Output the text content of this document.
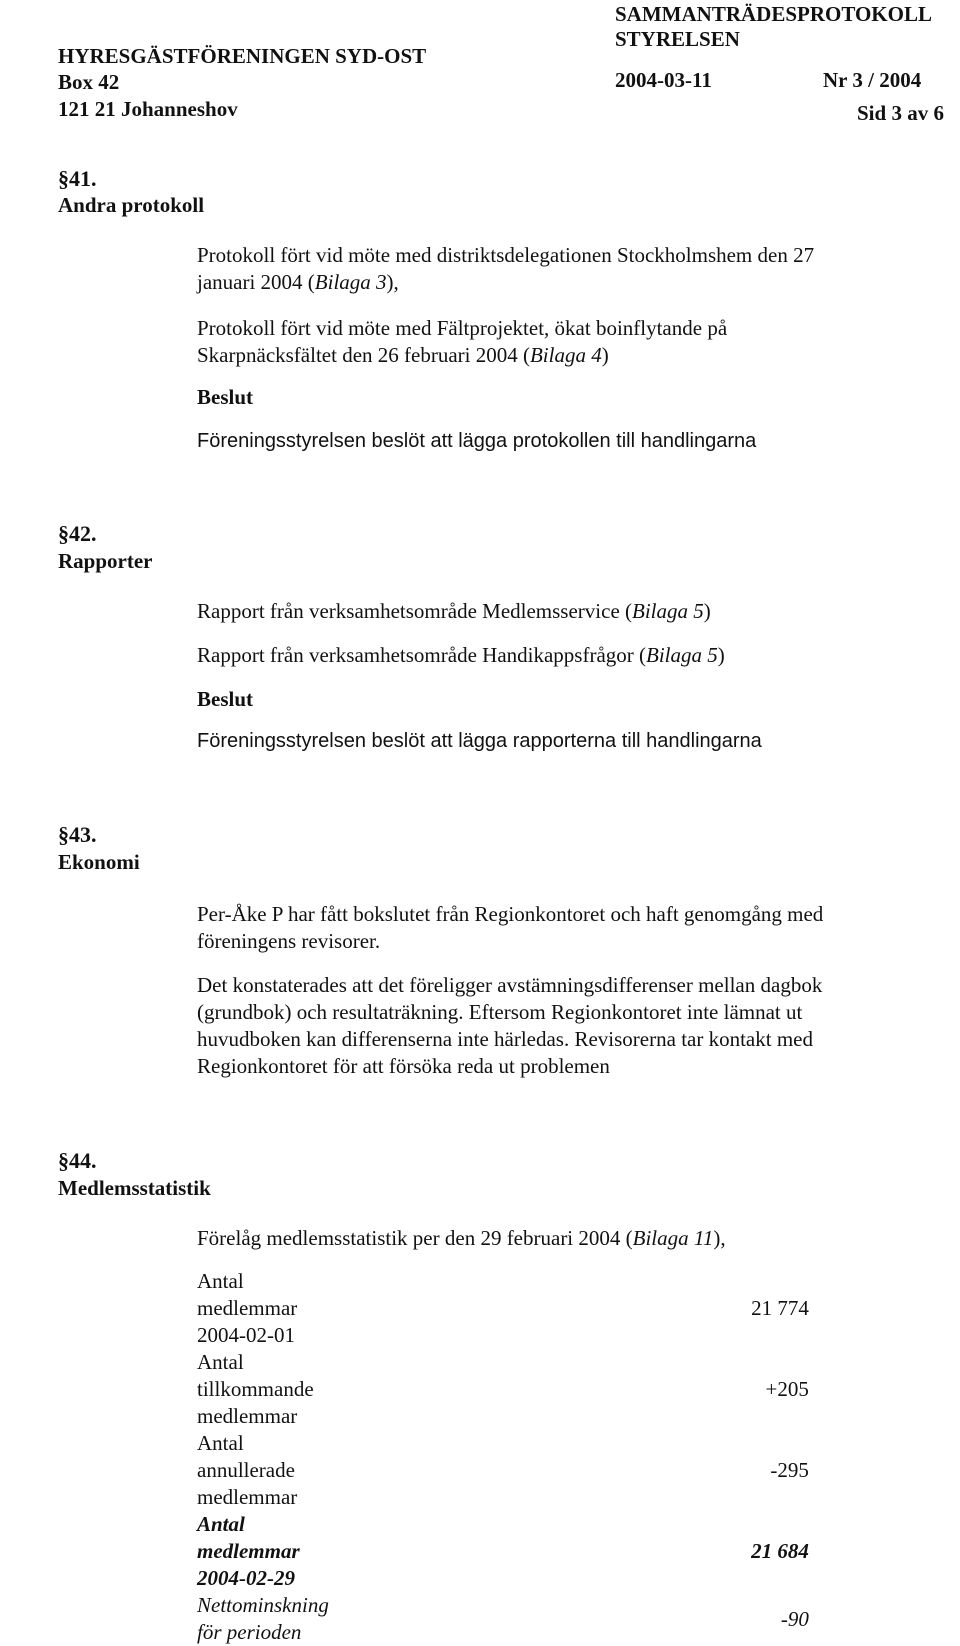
HYRESGÄSTFÖRENINGEN SYD-OST
Box 42
121 21 Johanneshov
SAMMANTRÄDESPROTOKOLL
STYRELSEN
2004-03-11	Nr 3 / 2004
Sid 3 av 6
§41.
Andra protokoll
Protokoll fört vid möte med distriktsdelegationen Stockholmshem den 27
januari 2004 (Bilaga 3),
Protokoll fört vid möte med Fältprojektet, ökat boinflytande på
Skarpnäcksfältet den 26 februari 2004 (Bilaga 4)
Beslut
Föreningsstyrelsen beslöt att lägga protokollen till handlingarna
§42.
Rapporter
Rapport från verksamhetsområde Medlemsservice (Bilaga 5)
Rapport från verksamhetsområde Handikappsfrågor (Bilaga 5)
Beslut
Föreningsstyrelsen beslöt att lägga rapporterna till handlingarna
§43.
Ekonomi
Per-Åke P har fått bokslutet från Regionkontoret och haft genomgång med
föreningens revisorer.
Det konstaterades att det föreligger avstämningsdifferenser mellan dagbok
(grundbok) och resultaträkning. Eftersom Regionkontoret inte lämnat ut
huvudboken kan differenserna inte härledas. Revisorerna tar kontakt med
Regionkontoret för att försöka reda ut problemen
§44.
Medlemsstatistik
Förelåg medlemsstatistik per den 29 februari 2004 (Bilaga 11),
Antal medlemmar 2004-02-01	21 774
Antal tillkommande medlemmar	+205
Antal annullerade medlemmar	-295
Antal medlemmar 2004-02-29	21 684
Nettominskning för perioden	-90
